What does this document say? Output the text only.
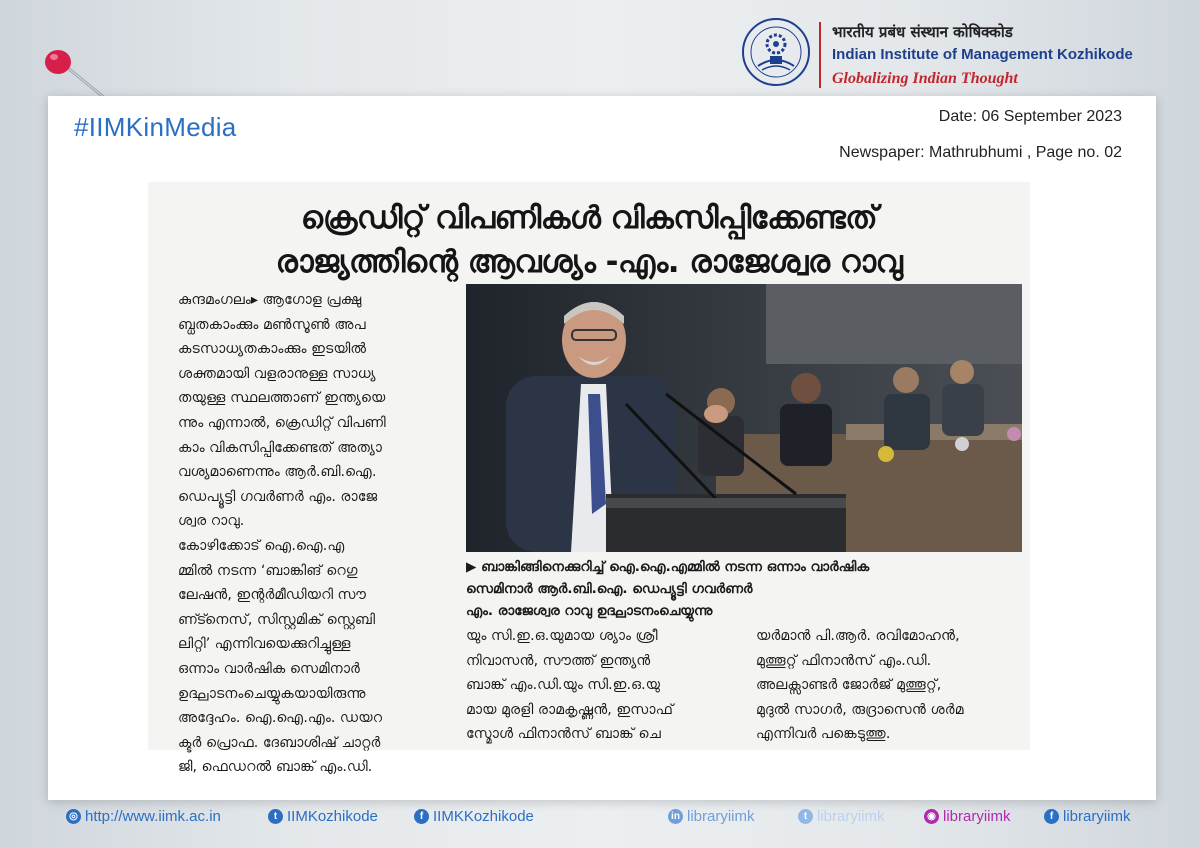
#IIMKinMedia
भारतीय प्रबंध संस्थान कोषिक्कोड
Indian Institute of Management Kozhikode
Globalizing Indian Thought
Date: 06 September 2023
Newspaper: Mathrubhumi , Page no. 02
ക്രെഡിറ്റ് വിപണികൾ വികസിപ്പിക്കേണ്ടത്
രാജ്യത്തിന്റെ ആവശ്യം -എം. രാജേശ്വര റാവു
കുന്ദമംഗലം▸ ആഗോള പ്രക്ഷു
ബ്ധതകാംക്കും മൺസൂൺ അപ
കടസാധ്യതകാംക്കും ഇടയിൽ
ശക്തമായി വളരാനുള്ള സാധ്യ
തയുള്ള സ്ഥലത്താണ് ഇന്ത്യയെ
ന്നും എന്നാൽ, ക്രെഡിറ്റ് വിപണി
കാം വികസിപ്പിക്കേണ്ടത് അത്യാ
വശ്യമാണെന്നും ആർ.ബി.ഐ.
ഡെപ്യൂട്ടി ഗവർണർ എം. രാജേ
ശ്വര റാവു.
കോഴിക്കോട് ഐ.ഐ.എ
മ്മിൽ നടന്ന ‘ബാങ്കിങ് റെഗു
ലേഷൻ, ഇന്റർമീഡിയറി സൗ
ണ്ട്നെസ്, സിസ്റ്റമിക് സ്റ്റെബി
ലിറ്റി’ എന്നിവയെക്കുറിച്ചുള്ള
ഒന്നാം വാർഷിക സെമിനാർ
ഉദ്ഘാടനംചെയ്യുകയായിരുന്നു
അദ്ദേഹം. ഐ.ഐ.എം. ഡയറ
ക്ടർ പ്രൊഫ. ദേബാശിഷ് ചാറ്റർ
ജി, ഫെഡറൽ ബാങ്ക് എം.ഡി.
▶ ബാങ്കിങ്ങിനെക്കുറിച്ച് ഐ.ഐ.എമ്മിൽ നടന്ന ഒന്നാം വാർഷിക
സെമിനാർ ആർ.ബി.ഐ. ഡെപ്യൂട്ടി ഗവർണർ
എം. രാജേശ്വര റാവു ഉദ്ഘാടനംചെയ്യുന്നു
യും സി.ഇ.ഒ.യുമായ ശ്യാം ശ്രീ
നിവാസൻ, സൗത്ത് ഇന്ത്യൻ
ബാങ്ക് എം.ഡി.യും സി.ഇ.ഒ.യു
മായ മുരളി രാമകൃഷ്ണൻ, ഇസാഫ്
സ്മോൾ ഫിനാൻസ് ബാങ്ക് ചെ
യർമാൻ പി.ആർ. രവിമോഹൻ,
മുത്തൂറ്റ് ഫിനാൻസ് എം.ഡി.
അലക്സാണ്ടർ ജോർജ് മുത്തൂറ്റ്,
മുദുൽ സാഗർ, രുദ്രാസെൻ ശർമ
എന്നിവർ പങ്കെടുത്തു.
◎ http://www.iimk.ac.in	t IIMKozhikode	f IIMKKozhikode	in libraryiimk	t libraryiimk	◉ libraryiimk	f libraryiimk
